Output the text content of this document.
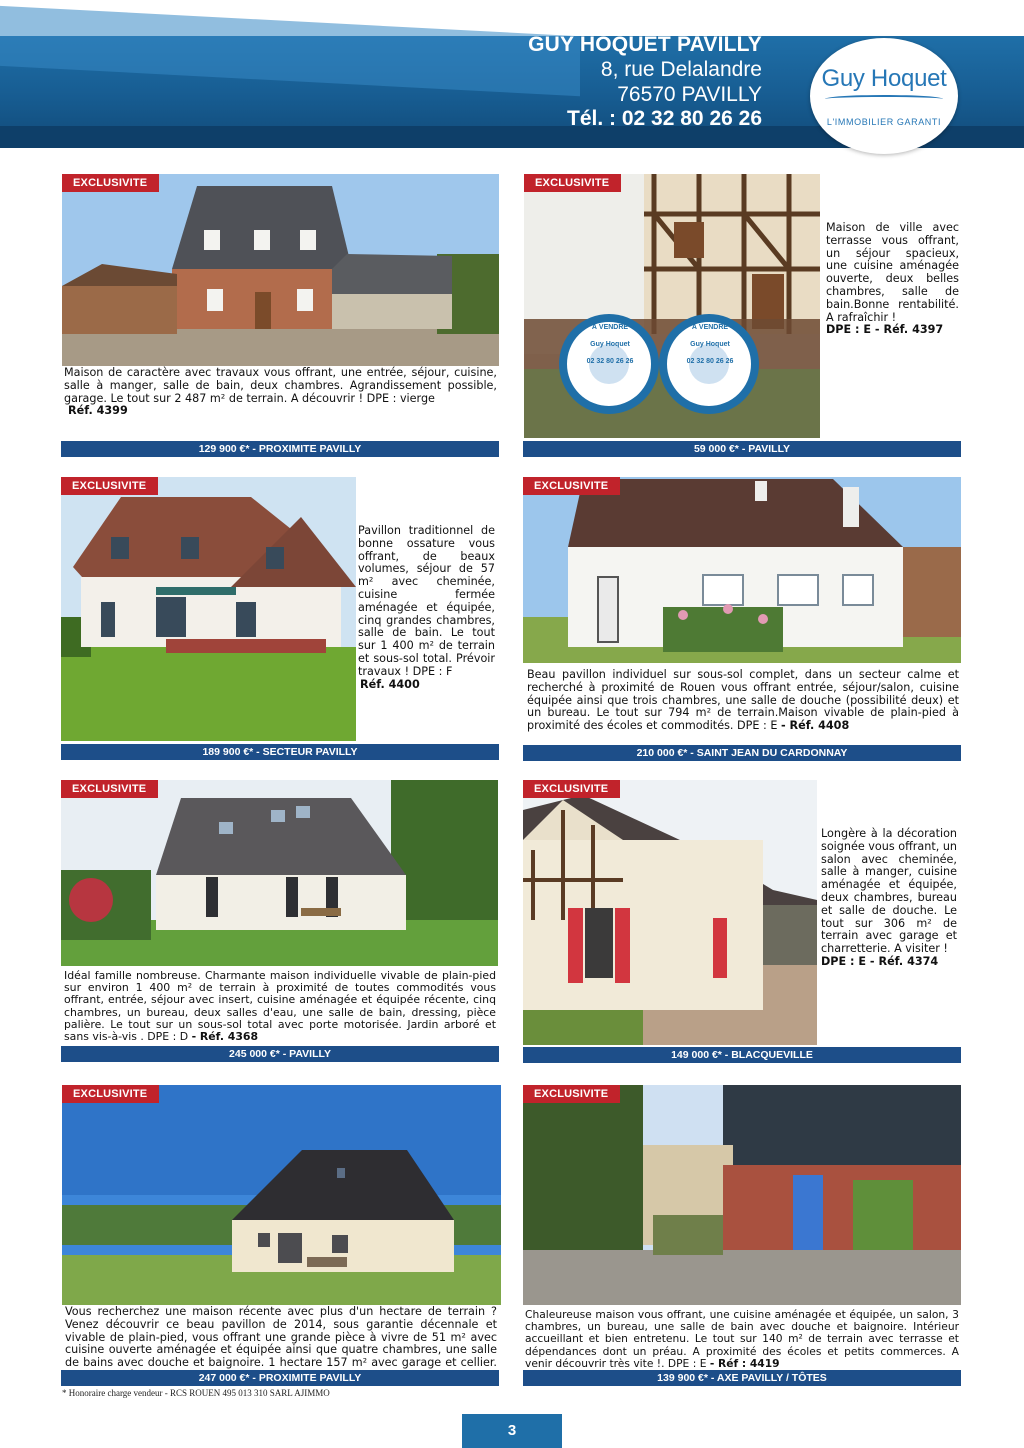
GUY HOQUET PAVILLY
8, rue Delalandre
76570 PAVILLY
Tél. : 02 32 80 26 26
Guy Hoquet
L'IMMOBILIER GARANTI
EXCLUSIVITE
Maison de caractère avec travaux vous offrant, une entrée, séjour, cuisine, salle à manger, salle de bain, deux chambres. Agrandissement possible, garage. Le tout sur 2 487 m² de terrain. A découvrir ! DPE : vierge
Réf. 4399
129 900 €* - PROXIMITE PAVILLY
EXCLUSIVITE
À VENDRE
Guy Hoquet
02 32 80 26 26
À VENDRE
Guy Hoquet
02 32 80 26 26
Maison de ville avec terrasse vous offrant, un séjour spacieux, une cuisine aménagée ouverte, deux belles chambres, salle de bain.Bonne rentabilité. A rafraîchir !
DPE : E - Réf. 4397
59 000 €* - PAVILLY
EXCLUSIVITE
Pavillon traditionnel de bonne ossature vous offrant, de beaux volumes, séjour de 57 m² avec cheminée, cuisine fermée aménagée et équipée, cinq grandes chambres, salle de bain. Le tout sur 1 400 m² de terrain et sous-sol total. Prévoir travaux ! DPE : F
Réf. 4400
189 900 €* - SECTEUR PAVILLY
EXCLUSIVITE
Beau pavillon individuel sur sous-sol complet, dans un secteur calme et recherché à proximité de Rouen vous offrant entrée, séjour/salon, cuisine équipée ainsi que trois chambres, une salle de douche (possibilité deux) et un bureau. Le tout sur 794 m² de terrain.Maison vivable de plain-pied à proximité des écoles et commodités. DPE : E - Réf. 4408
210 000 €* - SAINT JEAN DU CARDONNAY
EXCLUSIVITE
Idéal famille nombreuse. Charmante maison individuelle vivable de plain-pied sur environ 1 400 m² de terrain à proximité de toutes commodités vous offrant, entrée, séjour avec insert, cuisine aménagée et équipée récente, cinq chambres, un bureau, deux salles d'eau, une salle de bain, dressing, pièce palière. Le tout sur un sous-sol total avec porte motorisée. Jardin arboré et sans vis-à-vis . DPE : D - Réf. 4368
245 000 €* - PAVILLY
EXCLUSIVITE
Longère à la décoration soignée vous offrant, un salon avec cheminée, salle à manger, cuisine aménagée et équipée, deux chambres, bureau et salle de douche. Le tout sur 306 m² de terrain avec garage et charretterie. A visiter !
DPE : E - Réf. 4374
149 000 €* - BLACQUEVILLE
EXCLUSIVITE
Vous recherchez une maison récente avec plus d'un hectare de terrain ? Venez découvrir ce beau pavillon de 2014, sous garantie décennale et vivable de plain-pied, vous offrant une grande pièce à vivre de 51 m² avec cuisine ouverte aménagée et équipée ainsi que quatre chambres, une salle de bains avec douche et baignoire. 1 hectare 157 m² avec garage et cellier.
247 000 €* - PROXIMITE PAVILLY
EXCLUSIVITE
Chaleureuse maison vous offrant, une cuisine aménagée et équipée, un salon, 3 chambres, un bureau, une salle de bain avec douche et baignoire. Intérieur accueillant et bien entretenu. Le tout sur 140 m² de terrain avec terrasse et dépendances dont un préau. A proximité des écoles et petits commerces. A venir découvrir très vite !. DPE : E - Réf : 4419
139 900 €* - AXE PAVILLY / TÔTES
* Honoraire charge vendeur - RCS ROUEN 495 013 310 SARL AJIMMO
3
